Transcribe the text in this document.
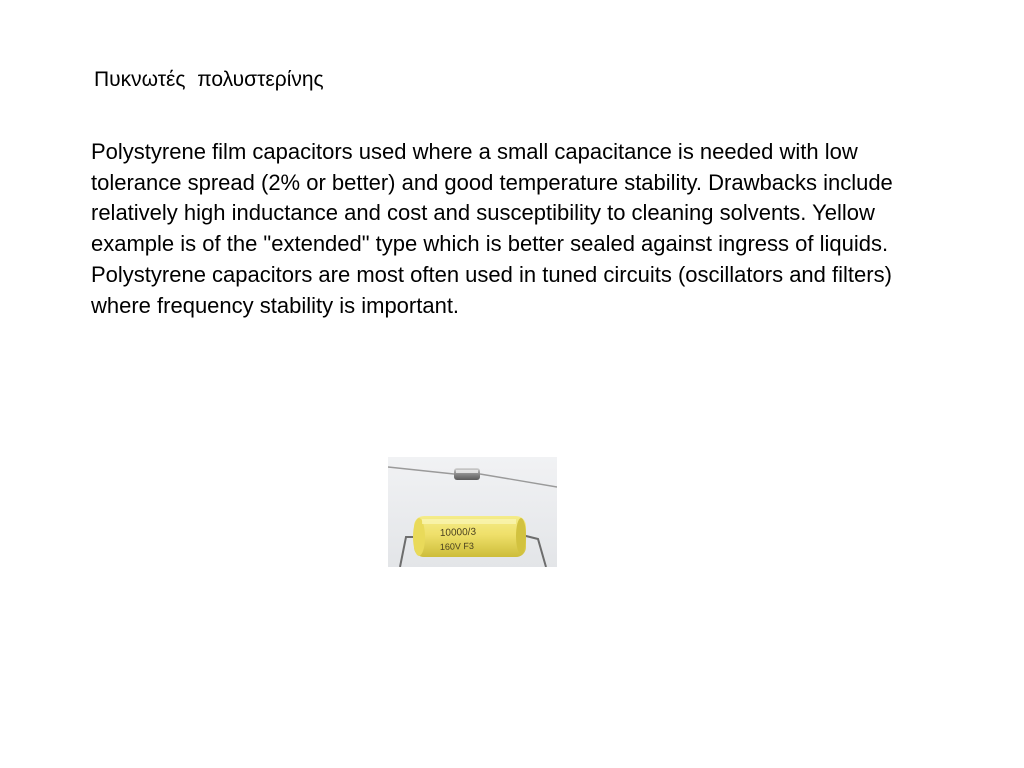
Πυκνωτές  πολυστερίνης
Polystyrene film capacitors used where a small capacitance is needed with low tolerance spread (2% or better) and good temperature stability. Drawbacks include relatively high inductance and cost and susceptibility to cleaning solvents. Yellow example is of the "extended" type which is better sealed against ingress of liquids. Polystyrene capacitors are most often used in tuned circuits (oscillators and filters) where frequency stability is important.
10000/3
160V F3
